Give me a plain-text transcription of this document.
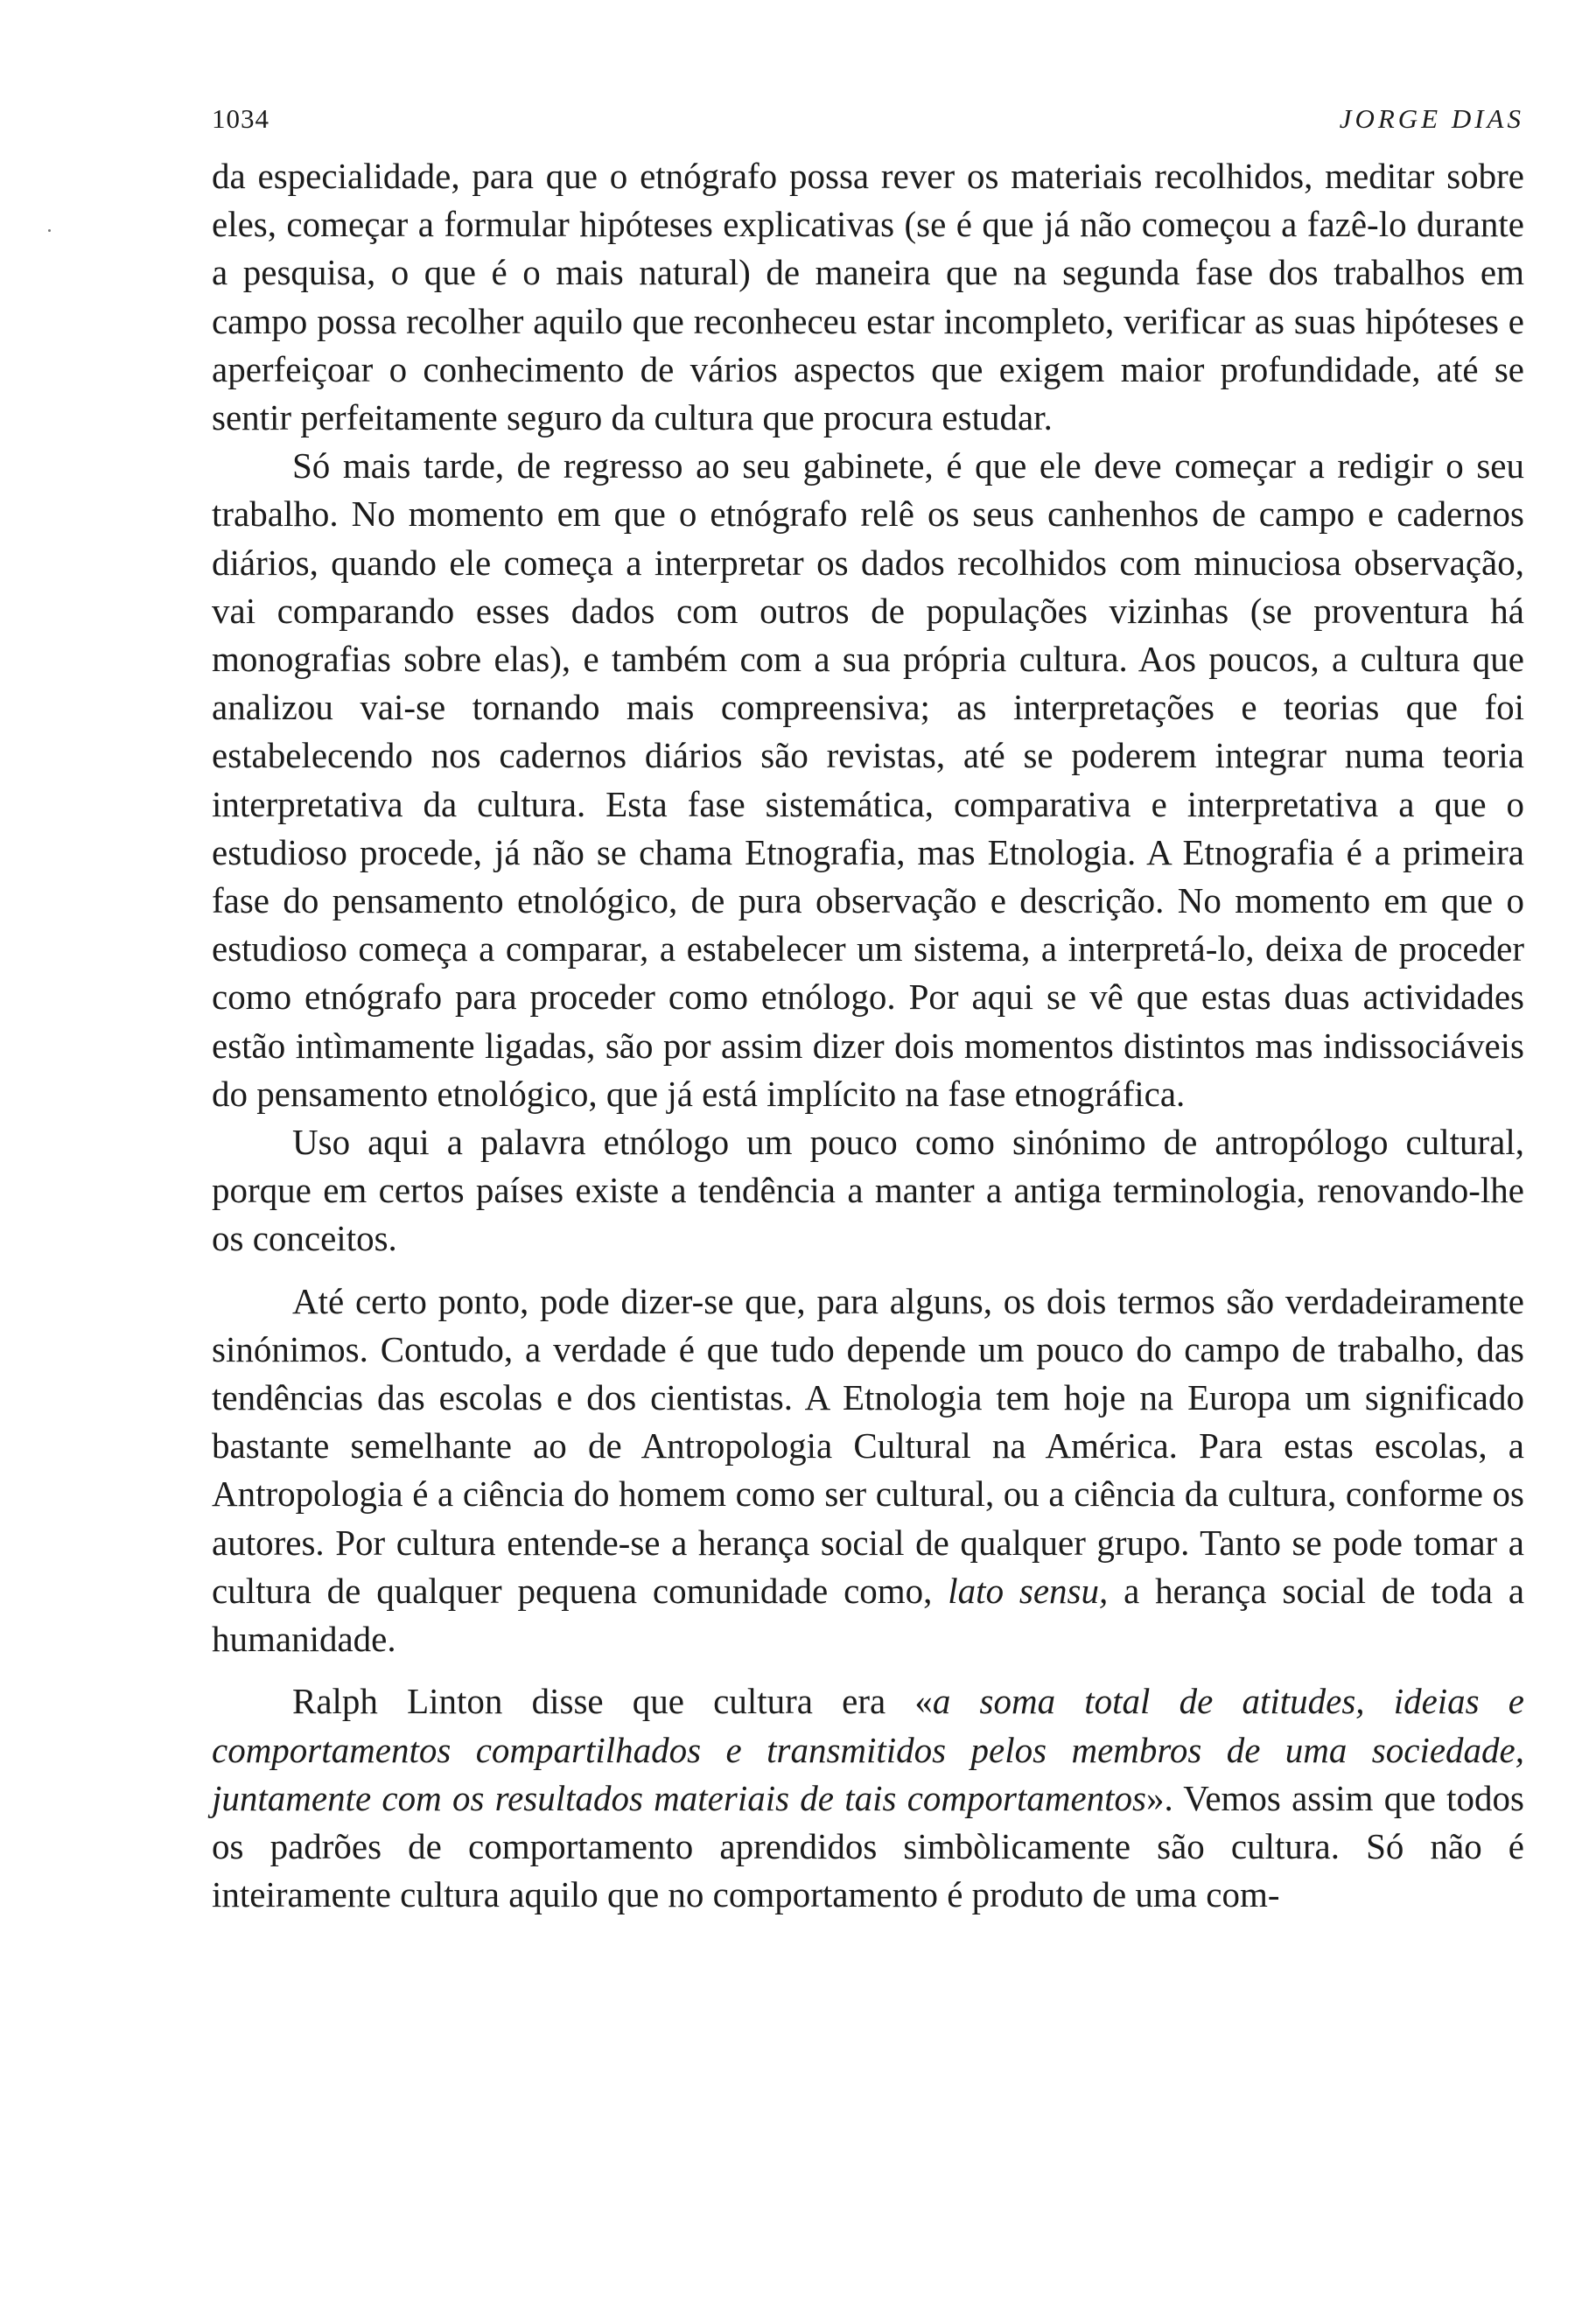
1034	JORGE DIAS

da especialidade, para que o etnógrafo possa rever os materiais recolhidos, meditar sobre eles, começar a formular hipóteses explicativas (se é que já não começou a fazê-lo durante a pesquisa, o que é o mais natural) de maneira que na segunda fase dos trabalhos em campo possa recolher aquilo que reconheceu estar incompleto, verificar as suas hipóteses e aperfeiçoar o conhecimento de vários aspectos que exigem maior profundidade, até se sentir perfeitamente seguro da cultura que procura estudar.

Só mais tarde, de regresso ao seu gabinete, é que ele deve começar a redigir o seu trabalho. No momento em que o etnógrafo relê os seus canhenhos de campo e cadernos diários, quando ele começa a interpretar os dados recolhidos com minuciosa observação, vai comparando esses dados com outros de populações vizinhas (se proventura há monografias sobre elas), e também com a sua própria cultura. Aos poucos, a cultura que analizou vai-se tornando mais compreensiva; as interpretações e teorias que foi estabelecendo nos cadernos diários são revistas, até se poderem integrar numa teoria interpretativa da cultura. Esta fase sistemática, comparativa e interpretativa a que o estudioso procede, já não se chama Etnografia, mas Etnologia. A Etnografia é a primeira fase do pensamento etnológico, de pura observação e descrição. No momento em que o estudioso começa a comparar, a estabelecer um sistema, a interpretá-lo, deixa de proceder como etnógrafo para proceder como etnólogo. Por aqui se vê que estas duas actividades estão intìmamente ligadas, são por assim dizer dois momentos distintos mas indissociáveis do pensamento etnológico, que já está implícito na fase etnográfica.

Uso aqui a palavra etnólogo um pouco como sinónimo de antropólogo cultural, porque em certos países existe a tendência a manter a antiga terminologia, renovando-lhe os conceitos.

Até certo ponto, pode dizer-se que, para alguns, os dois termos são verdadeiramente sinónimos. Contudo, a verdade é que tudo depende um pouco do campo de trabalho, das tendências das escolas e dos cientistas. A Etnologia tem hoje na Europa um significado bastante semelhante ao de Antropologia Cultural na América. Para estas escolas, a Antropologia é a ciência do homem como ser cultural, ou a ciência da cultura, conforme os autores. Por cultura entende-se a herança social de qualquer grupo. Tanto se pode tomar a cultura de qualquer pequena comunidade como, lato sensu, a herança social de toda a humanidade.

Ralph Linton disse que cultura era «a soma total de atitudes, ideias e comportamentos compartilhados e transmitidos pelos membros de uma sociedade, juntamente com os resultados materiais de tais comportamentos». Vemos assim que todos os padrões de comportamento aprendidos simbòlicamente são cultura. Só não é inteiramente cultura aquilo que no comportamento é produto de uma com-
